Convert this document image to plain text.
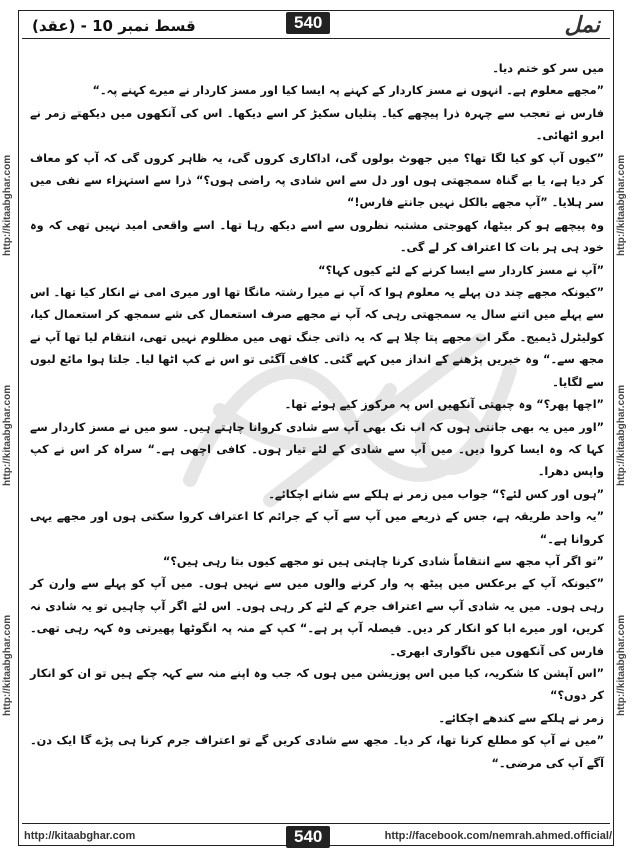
قسط نمبر 10 - (عقد)	540	نمل
http://kitaabghar.com
http://kitaabghar.com
http://kitaabghar.com
http://kitaabghar.com
http://kitaabghar.com
http://kitaabghar.com

میں سر کو ختم دیا۔

”مجھے معلوم ہے۔ انہوں نے مسز کاردار کے کہنے پہ ایسا کیا اور مسز کاردار نے میرے کہنے پہ۔“

فارس نے تعجب سے چہرہ ذرا پیچھے کیا۔ پتلیاں سکیڑ کر اسے دیکھا۔ اس کی آنکھوں میں دیکھتے زمر نے ابرو اٹھائی۔

”کیوں آپ کو کیا لگا تھا؟ میں جھوٹ بولوں گی، اداکاری کروں گی، یہ ظاہر کروں گی کہ آپ کو معاف کر دیا ہے، یا بے گناہ سمجھتی ہوں اور دل سے اس شادی پہ راضی ہوں؟“ ذرا سے استہزاء سے نفی میں سر ہلایا۔ ”آپ مجھے بالکل نہیں جانتے فارس!“

وہ پیچھے ہو کر بیٹھا، کھوجتی مشتبہ نظروں سے اسے دیکھ رہا تھا۔ اسے واقعی امید نہیں تھی کہ وہ خود ہی ہر بات کا اعتراف کر لے گی۔

”آپ نے مسز کاردار سے ایسا کرنے کے لئے کیوں کہا؟“

”کیونکہ مجھے چند دن پہلے یہ معلوم ہوا کہ آپ نے میرا رشتہ مانگا تھا اور میری امی نے انکار کیا تھا۔ اس سے پہلے میں اتنے سال یہ سمجھتی رہی کہ آپ نے مجھے صرف استعمال کی شے سمجھ کر استعمال کیا، کولیٹرل ڈیمیج۔ مگر اب مجھے پتا چلا ہے کہ یہ ذاتی جنگ تھی میں مظلوم نہیں تھی، انتقام لیا تھا آپ نے مجھ سے۔“ وہ خبریں پڑھنے کے انداز میں کہے گئی۔ کافی آگئی تو اس نے کپ اٹھا لیا۔ جلتا ہوا مائع لبوں سے لگایا۔

”اچھا پھر؟“ وہ چبھتی آنکھیں اس پہ مرکوز کیے ہوئے تھا۔

”اور میں یہ بھی جانتی ہوں کہ اب تک بھی آپ سے شادی کروانا چاہتے ہیں۔ سو میں نے مسز کاردار سے کہا کہ وہ ایسا کروا دیں۔ میں آپ سے شادی کے لئے تیار ہوں۔ کافی اچھی ہے۔“ سراہ کر اس نے کپ واپس دھرا۔

”ہوں اور کس لئے؟“ جواب میں زمر نے ہلکے سے شانے اچکائے۔

”یہ واحد طریقہ ہے، جس کے ذریعے میں آپ سے آپ کے جرائم کا اعتراف کروا سکتی ہوں اور مجھے یہی کروانا ہے۔“

”تو اگر آپ مجھ سے انتقاماً شادی کرنا چاہتی ہیں تو مجھے کیوں بتا رہی ہیں؟“

”کیونکہ آپ کے برعکس میں پیٹھ پہ وار کرنے والوں میں سے نہیں ہوں۔ میں آپ کو پہلے سے وارن کر رہی ہوں۔ میں یہ شادی آپ سے اعتراف جرم کے لئے کر رہی ہوں۔ اس لئے اگر آپ چاہیں تو یہ شادی نہ کریں، اور میرے ابا کو انکار کر دیں۔ فیصلہ آپ پر ہے۔“ کپ کے منہ پہ انگوٹھا پھیرتی وہ کہہ رہی تھی۔ فارس کی آنکھوں میں ناگواری ابھری۔

”اس آپشن کا شکریہ، کیا میں اس پوزیشن میں ہوں کہ جب وہ اپنے منہ سے کہہ چکے ہیں تو ان کو انکار کر دوں؟“

زمر نے ہلکے سے کندھے اچکائے۔

”میں نے آپ کو مطلع کرنا تھا، کر دیا۔ مجھ سے شادی کریں گے تو اعتراف جرم کرنا ہی پڑے گا ایک دن۔ آگے آپ کی مرضی۔“

http://kitaabghar.com	540	http://facebook.com/nemrah.ahmed.official/
